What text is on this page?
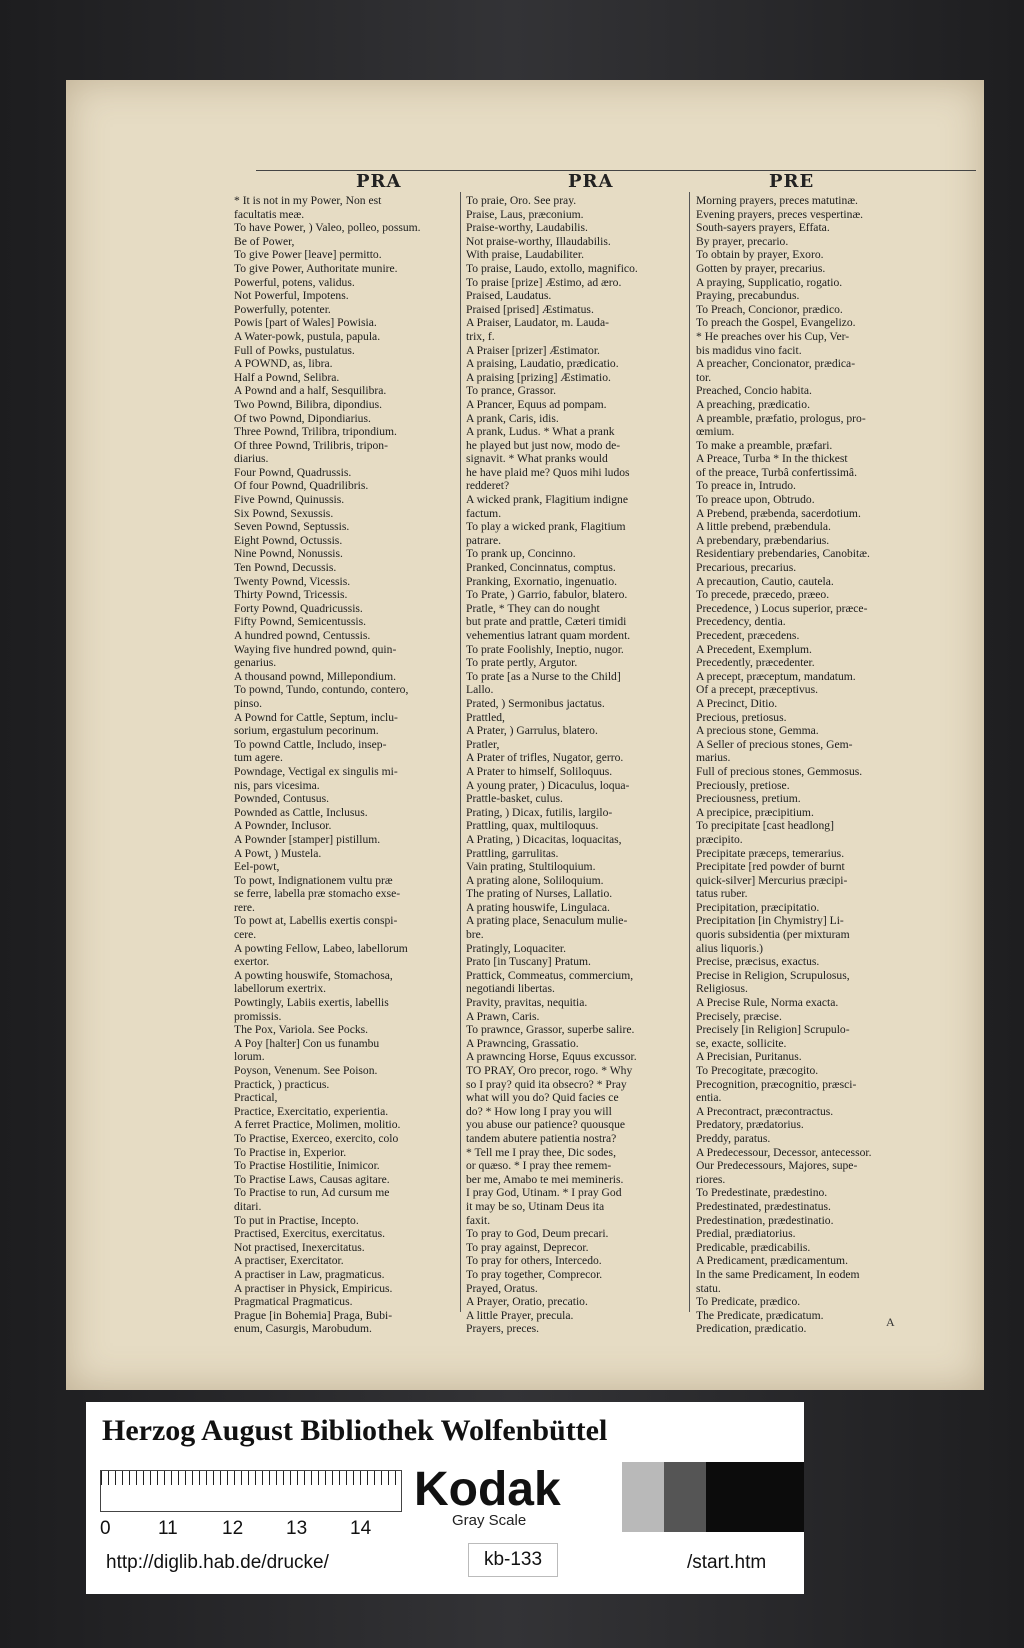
PRA	PRA	PRE
* It is not in my Power, Non est
facultatis meæ.
To have Power, ) Valeo, polleo, possum.
Be of Power,
To give Power [leave] permitto.
To give Power, Authoritate munire.
Powerful, potens, validus.
Not Powerful, Impotens.
Powerfully, potenter.
Powis [part of Wales] Powisia.
A Water-powk, pustula, papula.
Full of Powks, pustulatus.
A POWND, as, libra.
Half a Pownd, Selibra.
A Pownd and a half, Sesquilibra.
Two Pownd, Bilibra, dipondius.
Of two Pownd, Dipondiarius.
Three Pownd, Trilibra, tripondium.
Of three Pownd, Trilibris, tripon-
diarius.
Four Pownd, Quadrussis.
Of four Pownd, Quadrilibris.
Five Pownd, Quinussis.
Six Pownd, Sexussis.
Seven Pownd, Septussis.
Eight Pownd, Octussis.
Nine Pownd, Nonussis.
Ten Pownd, Decussis.
Twenty Pownd, Vicessis.
Thirty Pownd, Tricessis.
Forty Pownd, Quadricussis.
Fifty Pownd, Semicentussis.
A hundred pownd, Centussis.
Waying five hundred pownd, quin-
genarius.
A thousand pownd, Millepondium.
To pownd, Tundo, contundo, contero,
pinso.
A Pownd for Cattle, Septum, inclu-
sorium, ergastulum pecorinum.
To pownd Cattle, Includo, insep-
tum agere.
Powndage, Vectigal ex singulis mi-
nis, pars vicesima.
Pownded, Contusus.
Pownded as Cattle, Inclusus.
A Pownder, Inclusor.
A Pownder [stamper] pistillum.
A Powt, ) Mustela.
Eel-powt,
To powt, Indignationem vultu præ
se ferre, labella præ stomacho exse-
rere.
To powt at, Labellis exertis conspi-
cere.
A powting Fellow, Labeo, labellorum
exertor.
A powting houswife, Stomachosa,
labellorum exertrix.
Powtingly, Labiis exertis, labellis
promissis.
The Pox, Variola. See Pocks.
A Poy [halter] Con us funambu
lorum.
Poyson, Venenum. See Poison.
Practick, ) practicus.
Practical,
Practice, Exercitatio, experientia.
A ferret Practice, Molimen, molitio.
To Practise, Exerceo, exercito, colo
To Practise in, Experior.
To Practise Hostilitie, Inimicor.
To Practise Laws, Causas agitare.
To Practise to run, Ad cursum me
ditari.
To put in Practise, Incepto.
Practised, Exercitus, exercitatus.
Not practised, Inexercitatus.
A practiser, Exercitator.
A practiser in Law, pragmaticus.
A practiser in Physick, Empiricus.
Pragmatical Pragmaticus.
Prague [in Bohemia] Praga, Bubi-
enum, Casurgis, Marobudum.
To praie, Oro. See pray.
Praise, Laus, præconium.
Praise-worthy, Laudabilis.
Not praise-worthy, Illaudabilis.
With praise, Laudabiliter.
To praise, Laudo, extollo, magnifico.
To praise [prize] Æstimo, ad æro.
Praised, Laudatus.
Praised [prised] Æstimatus.
A Praiser, Laudator, m. Lauda-
trix, f.
A Praiser [prizer] Æstimator.
A praising, Laudatio, prædicatio.
A praising [prizing] Æstimatio.
To prance, Grassor.
A Prancer, Equus ad pompam.
A prank, Caris, idis.
A prank, Ludus. * What a prank
he played but just now, modo de-
signavit. * What pranks would
he have plaid me? Quos mihi ludos
redderet?
A wicked prank, Flagitium indigne
factum.
To play a wicked prank, Flagitium
patrare.
To prank up, Concinno.
Pranked, Concinnatus, comptus.
Pranking, Exornatio, ingenuatio.
To Prate, ) Garrio, fabulor, blatero.
Pratle, * They can do nought
but prate and prattle, Cæteri timidi
vehementius latrant quam mordent.
To prate Foolishly, Ineptio, nugor.
To prate pertly, Argutor.
To prate [as a Nurse to the Child]
Lallo.
Prated, ) Sermonibus jactatus.
Prattled,
A Prater, ) Garrulus, blatero.
Pratler,
A Prater of trifles, Nugator, gerro.
A Prater to himself, Soliloquus.
A young prater, ) Dicaculus, loqua-
Prattle-basket, culus.
Prating, ) Dicax, futilis, largilo-
Prattling, quax, multiloquus.
A Prating, ) Dicacitas, loquacitas,
Prattling, garrulitas.
Vain prating, Stultiloquium.
A prating alone, Soliloquium.
The prating of Nurses, Lallatio.
A prating houswife, Lingulaca.
A prating place, Senaculum mulie-
bre.
Pratingly, Loquaciter.
Prato [in Tuscany] Pratum.
Prattick, Commeatus, commercium,
negotiandi libertas.
Pravity, pravitas, nequitia.
A Prawn, Caris.
To prawnce, Grassor, superbe salire.
A Prawncing, Grassatio.
A prawncing Horse, Equus excussor.
TO PRAY, Oro precor, rogo. * Why
so I pray? quid ita obsecro? * Pray
what will you do? Quid facies ce
do? * How long I pray you will
you abuse our patience? quousque
tandem abutere patientia nostra?
* Tell me I pray thee, Dic sodes,
or quæso. * I pray thee remem-
ber me, Amabo te mei memineris.
I pray God, Utinam. * I pray God
it may be so, Utinam Deus ita
faxit.
To pray to God, Deum precari.
To pray against, Deprecor.
To pray for others, Intercedo.
To pray together, Comprecor.
Prayed, Oratus.
A Prayer, Oratio, precatio.
A little Prayer, precula.
Prayers, preces.
Morning prayers, preces matutinæ.
Evening prayers, preces vespertinæ.
South-sayers prayers, Effata.
By prayer, precario.
To obtain by prayer, Exoro.
Gotten by prayer, precarius.
A praying, Supplicatio, rogatio.
Praying, precabundus.
To Preach, Concionor, prædico.
To preach the Gospel, Evangelizo.
* He preaches over his Cup, Ver-
bis madidus vino facit.
A preacher, Concionator, prædica-
tor.
Preached, Concio habita.
A preaching, prædicatio.
A preamble, præfatio, prologus, pro-
œmium.
To make a preamble, præfari.
A Preace, Turba * In the thickest
of the preace, Turbâ confertissimâ.
To preace in, Intrudo.
To preace upon, Obtrudo.
A Prebend, præbenda, sacerdotium.
A little prebend, præbendula.
A prebendary, præbendarius.
Residentiary prebendaries, Canobitæ.
Precarious, precarius.
A precaution, Cautio, cautela.
To precede, præcedo, præeo.
Precedence, ) Locus superior, præce-
Precedency, dentia.
Precedent, præcedens.
A Precedent, Exemplum.
Precedently, præcedenter.
A precept, præceptum, mandatum.
Of a precept, præceptivus.
A Precinct, Ditio.
Precious, pretiosus.
A precious stone, Gemma.
A Seller of precious stones, Gem-
marius.
Full of precious stones, Gemmosus.
Preciously, pretiose.
Preciousness, pretium.
A precipice, præcipitium.
To precipitate [cast headlong]
præcipito.
Precipitate præceps, temerarius.
Precipitate [red powder of burnt
quick-silver] Mercurius præcipi-
tatus ruber.
Precipitation, præcipitatio.
Precipitation [in Chymistry] Li-
quoris subsidentia (per mixturam
alius liquoris.)
Precise, præcisus, exactus.
Precise in Religion, Scrupulosus,
Religiosus.
A Precise Rule, Norma exacta.
Precisely, præcise.
Precisely [in Religion] Scrupulo-
se, exacte, sollicite.
A Precisian, Puritanus.
To Precogitate, præcogito.
Precognition, præcognitio, præsci-
entia.
A Precontract, præcontractus.
Predatory, prædatorius.
Preddy, paratus.
A Predecessour, Decessor, antecessor.
Our Predecessours, Majores, supe-
riores.
To Predestinate, prædestino.
Predestinated, prædestinatus.
Predestination, prædestinatio.
Predial, prædiatorius.
Predicable, prædicabilis.
A Predicament, prædicamentum.
In the same Predicament, In eodem
statu.
To Predicate, prædico.
The Predicate, prædicatum.
Predication, prædicatio.	A
Herzog August Bibliothek Wolfenbüttel
0 11 12 13 14
Kodak
Gray Scale
http://diglib.hab.de/drucke/	kb-133	/start.htm
